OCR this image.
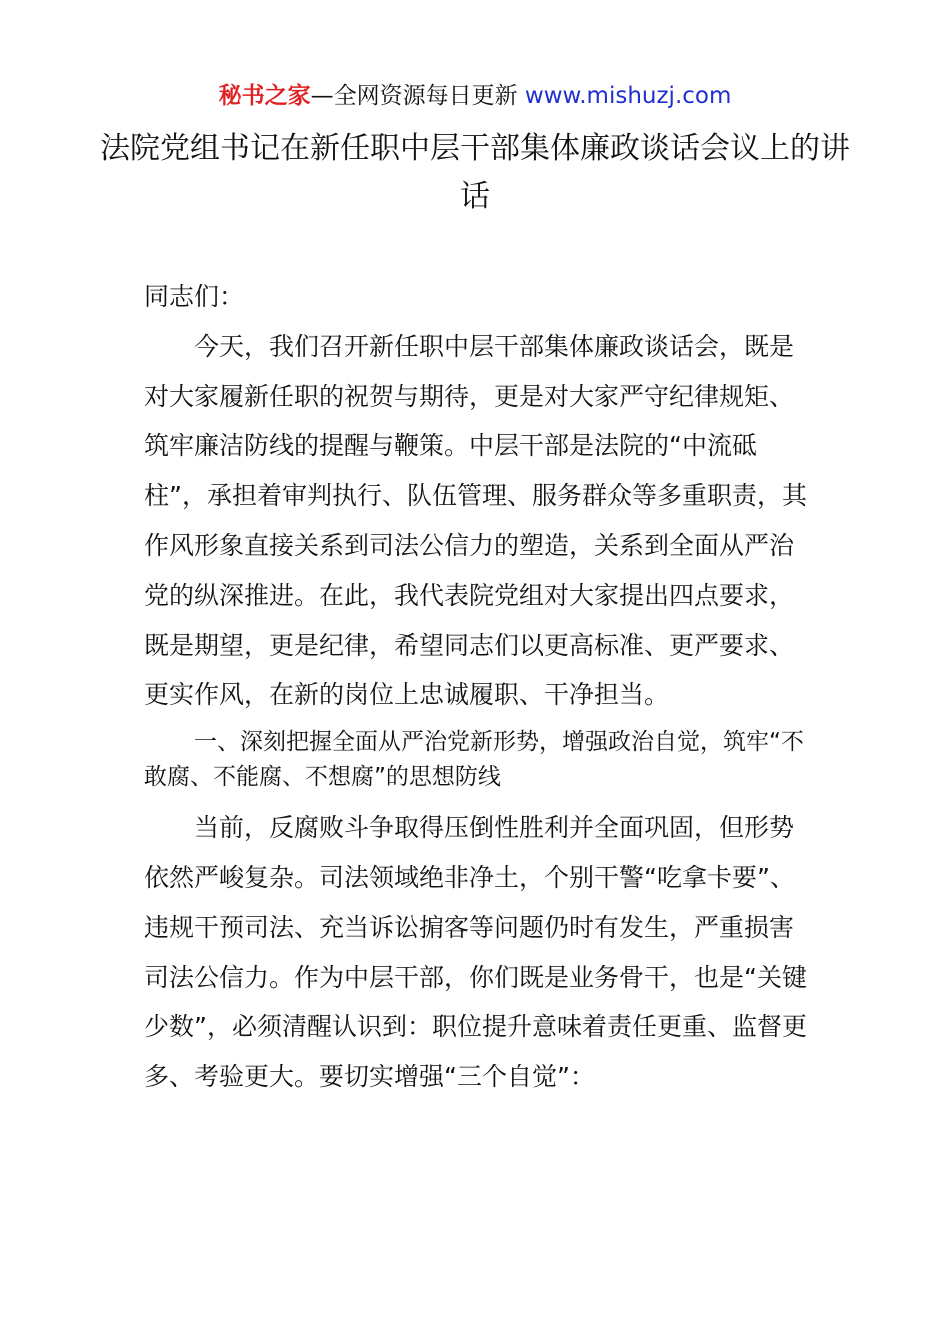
秘书之家—全网资源每日更新 www.mishuzj.com
法院党组书记在新任职中层干部集体廉政谈话会议上的讲话

同志们：

今天，我们召开新任职中层干部集体廉政谈话会，既是对大家履新任职的祝贺与期待，更是对大家严守纪律规矩、筑牢廉洁防线的提醒与鞭策。中层干部是法院的“中流砥柱”，承担着审判执行、队伍管理、服务群众等多重职责，其作风形象直接关系到司法公信力的塑造，关系到全面从严治党的纵深推进。在此，我代表院党组对大家提出四点要求，既是期望，更是纪律，希望同志们以更高标准、更严要求、更实作风，在新的岗位上忠诚履职、干净担当。

一、深刻把握全面从严治党新形势，增强政治自觉，筑牢“不敢腐、不能腐、不想腐”的思想防线

当前，反腐败斗争取得压倒性胜利并全面巩固，但形势依然严峻复杂。司法领域绝非净土，个别干警“吃拿卡要”、违规干预司法、充当诉讼掮客等问题仍时有发生，严重损害司法公信力。作为中层干部，你们既是业务骨干，也是“关键少数”，必须清醒认识到：职位提升意味着责任更重、监督更多、考验更大。要切实增强“三个自觉”：
